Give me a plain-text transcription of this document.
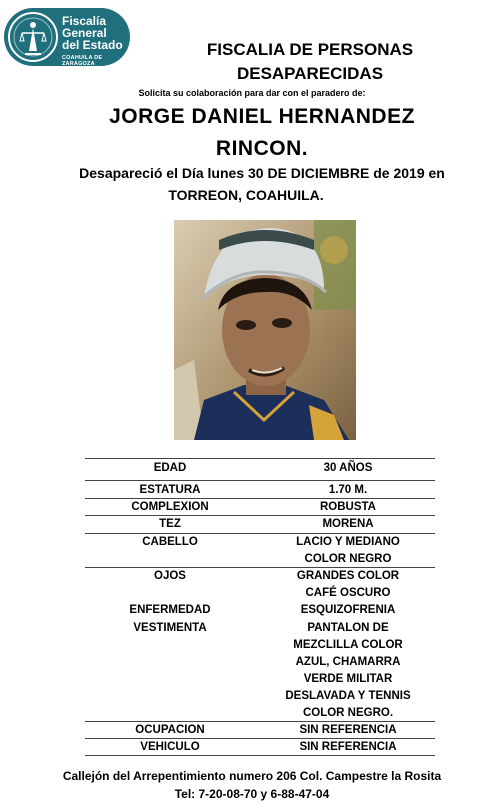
Fiscalía
General
del Estado
COAHUILA DE ZARAGOZA
FISCALIA DE PERSONAS
DESAPARECIDAS
Solicita su colaboración para dar con el paradero de:
JORGE DANIEL HERNANDEZ
RINCON.
Desapareció el Día lunes 30 DE DICIEMBRE de 2019 en
TORREON, COAHUILA.
EDAD	30 AÑOS
ESTATURA	1.70 M.
COMPLEXION	ROBUSTA
TEZ	MORENA
CABELLO	LACIO Y MEDIANO
COLOR NEGRO
OJOS	GRANDES COLOR
CAFÉ OSCURO
ENFERMEDAD	ESQUIZOFRENIA
VESTIMENTA	PANTALON DE
MEZCLILLA COLOR
AZUL, CHAMARRA
VERDE MILITAR
DESLAVADA Y TENNIS
COLOR NEGRO.
OCUPACION	SIN REFERENCIA
VEHICULO	SIN REFERENCIA
Callejón del Arrepentimiento numero 206 Col. Campestre la Rosita
Tel: 7-20-08-70 y 6-88-47-04
